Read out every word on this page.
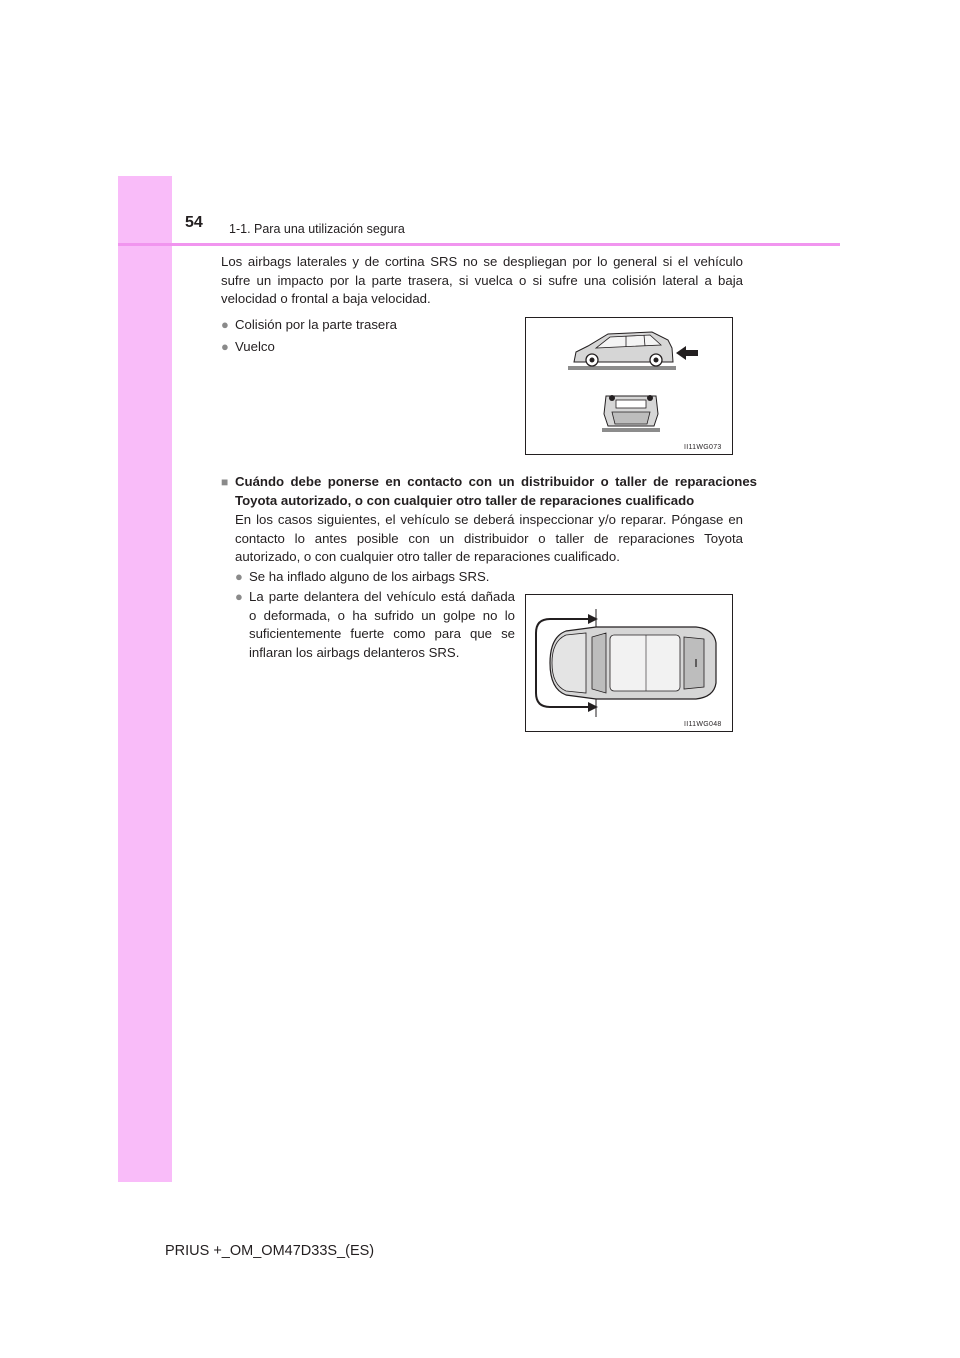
54 1-1. Para una utilización segura
Los airbags laterales y de cortina SRS no se despliegan por lo general si el vehículo sufre un impacto por la parte trasera, si vuelca o si sufre una colisión lateral a baja velocidad o frontal a baja velocidad.
● Colisión por la parte trasera
● Vuelco
II11WG073
■ Cuándo debe ponerse en contacto con un distribuidor o taller de reparaciones Toyota autorizado, o con cualquier otro taller de reparaciones cualificado
En los casos siguientes, el vehículo se deberá inspeccionar y/o reparar. Póngase en contacto lo antes posible con un distribuidor o taller de reparaciones Toyota autorizado, o con cualquier otro taller de reparaciones cualificado.
● Se ha inflado alguno de los airbags SRS.
● La parte delantera del vehículo está dañada o deformada, o ha sufrido un golpe no lo suficientemente fuerte como para que se inflaran los airbags delanteros SRS.
II11WG048
PRIUS +_OM_OM47D33S_(ES)
